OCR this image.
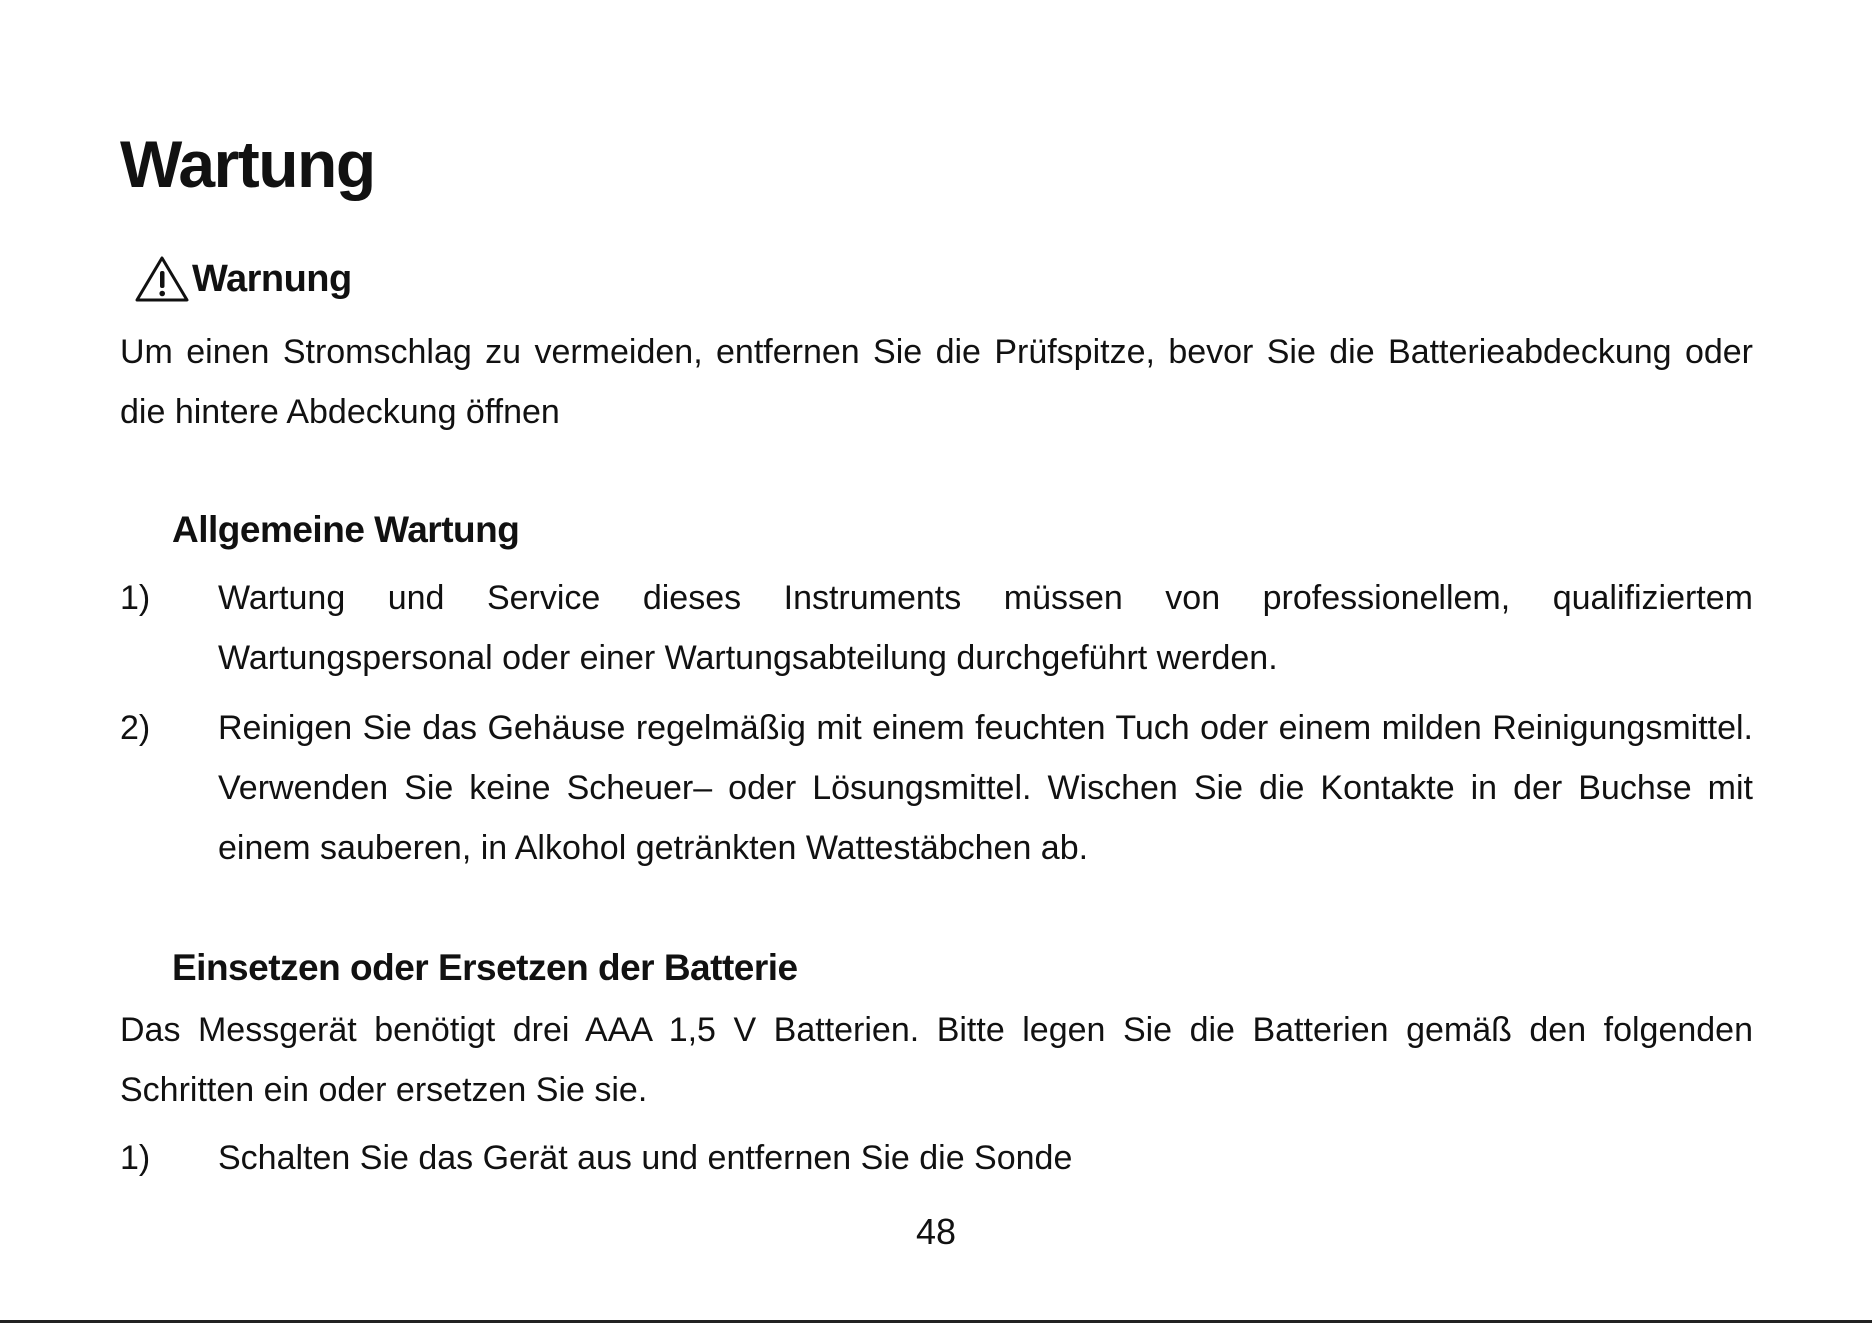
Wartung
Warnung

Um einen Stromschlag zu vermeiden, entfernen Sie die Prüfspitze, bevor Sie die Batterieabdeckung oder die hintere Abdeckung öffnen

Allgemeine Wartung
1)	Wartung und Service dieses Instruments müssen von professionellem, qualifiziertem Wartungspersonal oder einer Wartungsabteilung durchgeführt werden.
2)	Reinigen Sie das Gehäuse regelmäßig mit einem feuchten Tuch oder einem milden Reinigungsmittel. Verwenden Sie keine Scheuer– oder Lösungsmittel. Wischen Sie die Kontakte in der Buchse mit einem sauberen, in Alkohol getränkten Wattestäbchen ab.
Einsetzen oder Ersetzen der Batterie

Das Messgerät benötigt drei AAA 1,5 V Batterien. Bitte legen Sie die Batterien gemäß den folgenden Schritten ein oder ersetzen Sie sie.

1)	Schalten Sie das Gerät aus und entfernen Sie die Sonde
48
